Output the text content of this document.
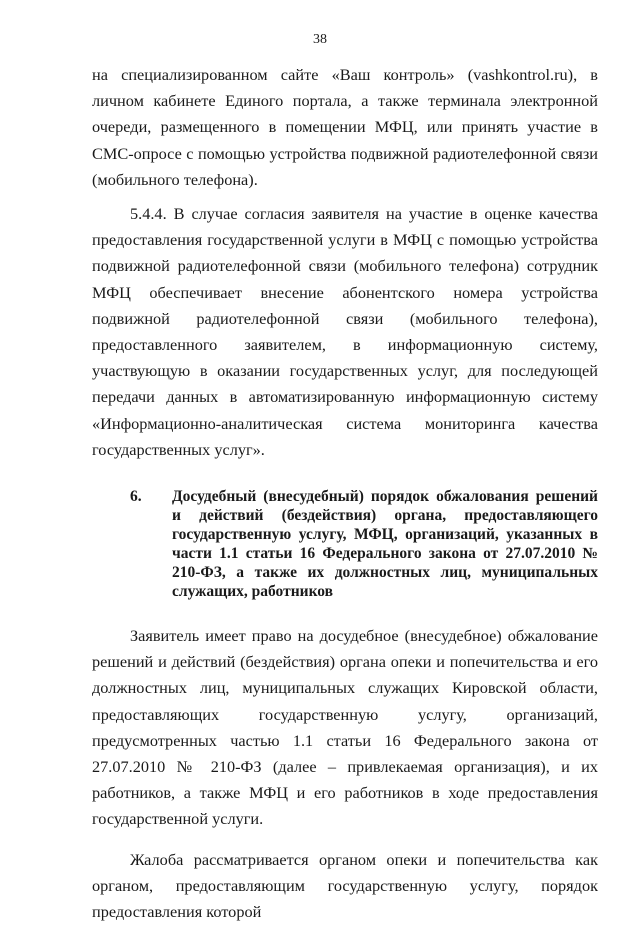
38

на специализированном сайте «Ваш контроль» (vashkontrol.ru), в личном кабинете Единого портала, а также терминала электронной очереди, размещенного в помещении МФЦ, или принять участие в СМС-опросе с помощью устройства подвижной радиотелефонной связи (мобильного телефона).

5.4.4. В случае согласия заявителя на участие в оценке качества предоставления государственной услуги в МФЦ с помощью устройства подвижной радиотелефонной связи (мобильного телефона) сотрудник МФЦ обеспечивает внесение абонентского номера устройства подвижной радиотелефонной связи (мобильного телефона), предоставленного заявителем, в информационную систему, участвующую в оказании государственных услуг, для последующей передачи данных в автоматизированную информационную систему «Информационно-аналитическая система мониторинга качества государственных услуг».

6.	Досудебный (внесудебный) порядок обжалования решений и действий (бездействия) органа, предоставляющего государственную услугу, МФЦ, организаций, указанных в части 1.1 статьи 16 Федерального закона от 27.07.2010 № 210-ФЗ, а также их должностных лиц, муниципальных служащих, работников

Заявитель имеет право на досудебное (внесудебное) обжалование решений и действий (бездействия) органа опеки и попечительства и его должностных лиц, муниципальных служащих Кировской области, предоставляющих государственную услугу, организаций, предусмотренных частью 1.1 статьи 16 Федерального закона от 27.07.2010 № 210-ФЗ (далее – привлекаемая организация), и их работников, а также МФЦ и его работников в ходе предоставления государственной услуги.

Жалоба рассматривается органом опеки и попечительства как органом, предоставляющим государственную услугу, порядок предоставления которой
